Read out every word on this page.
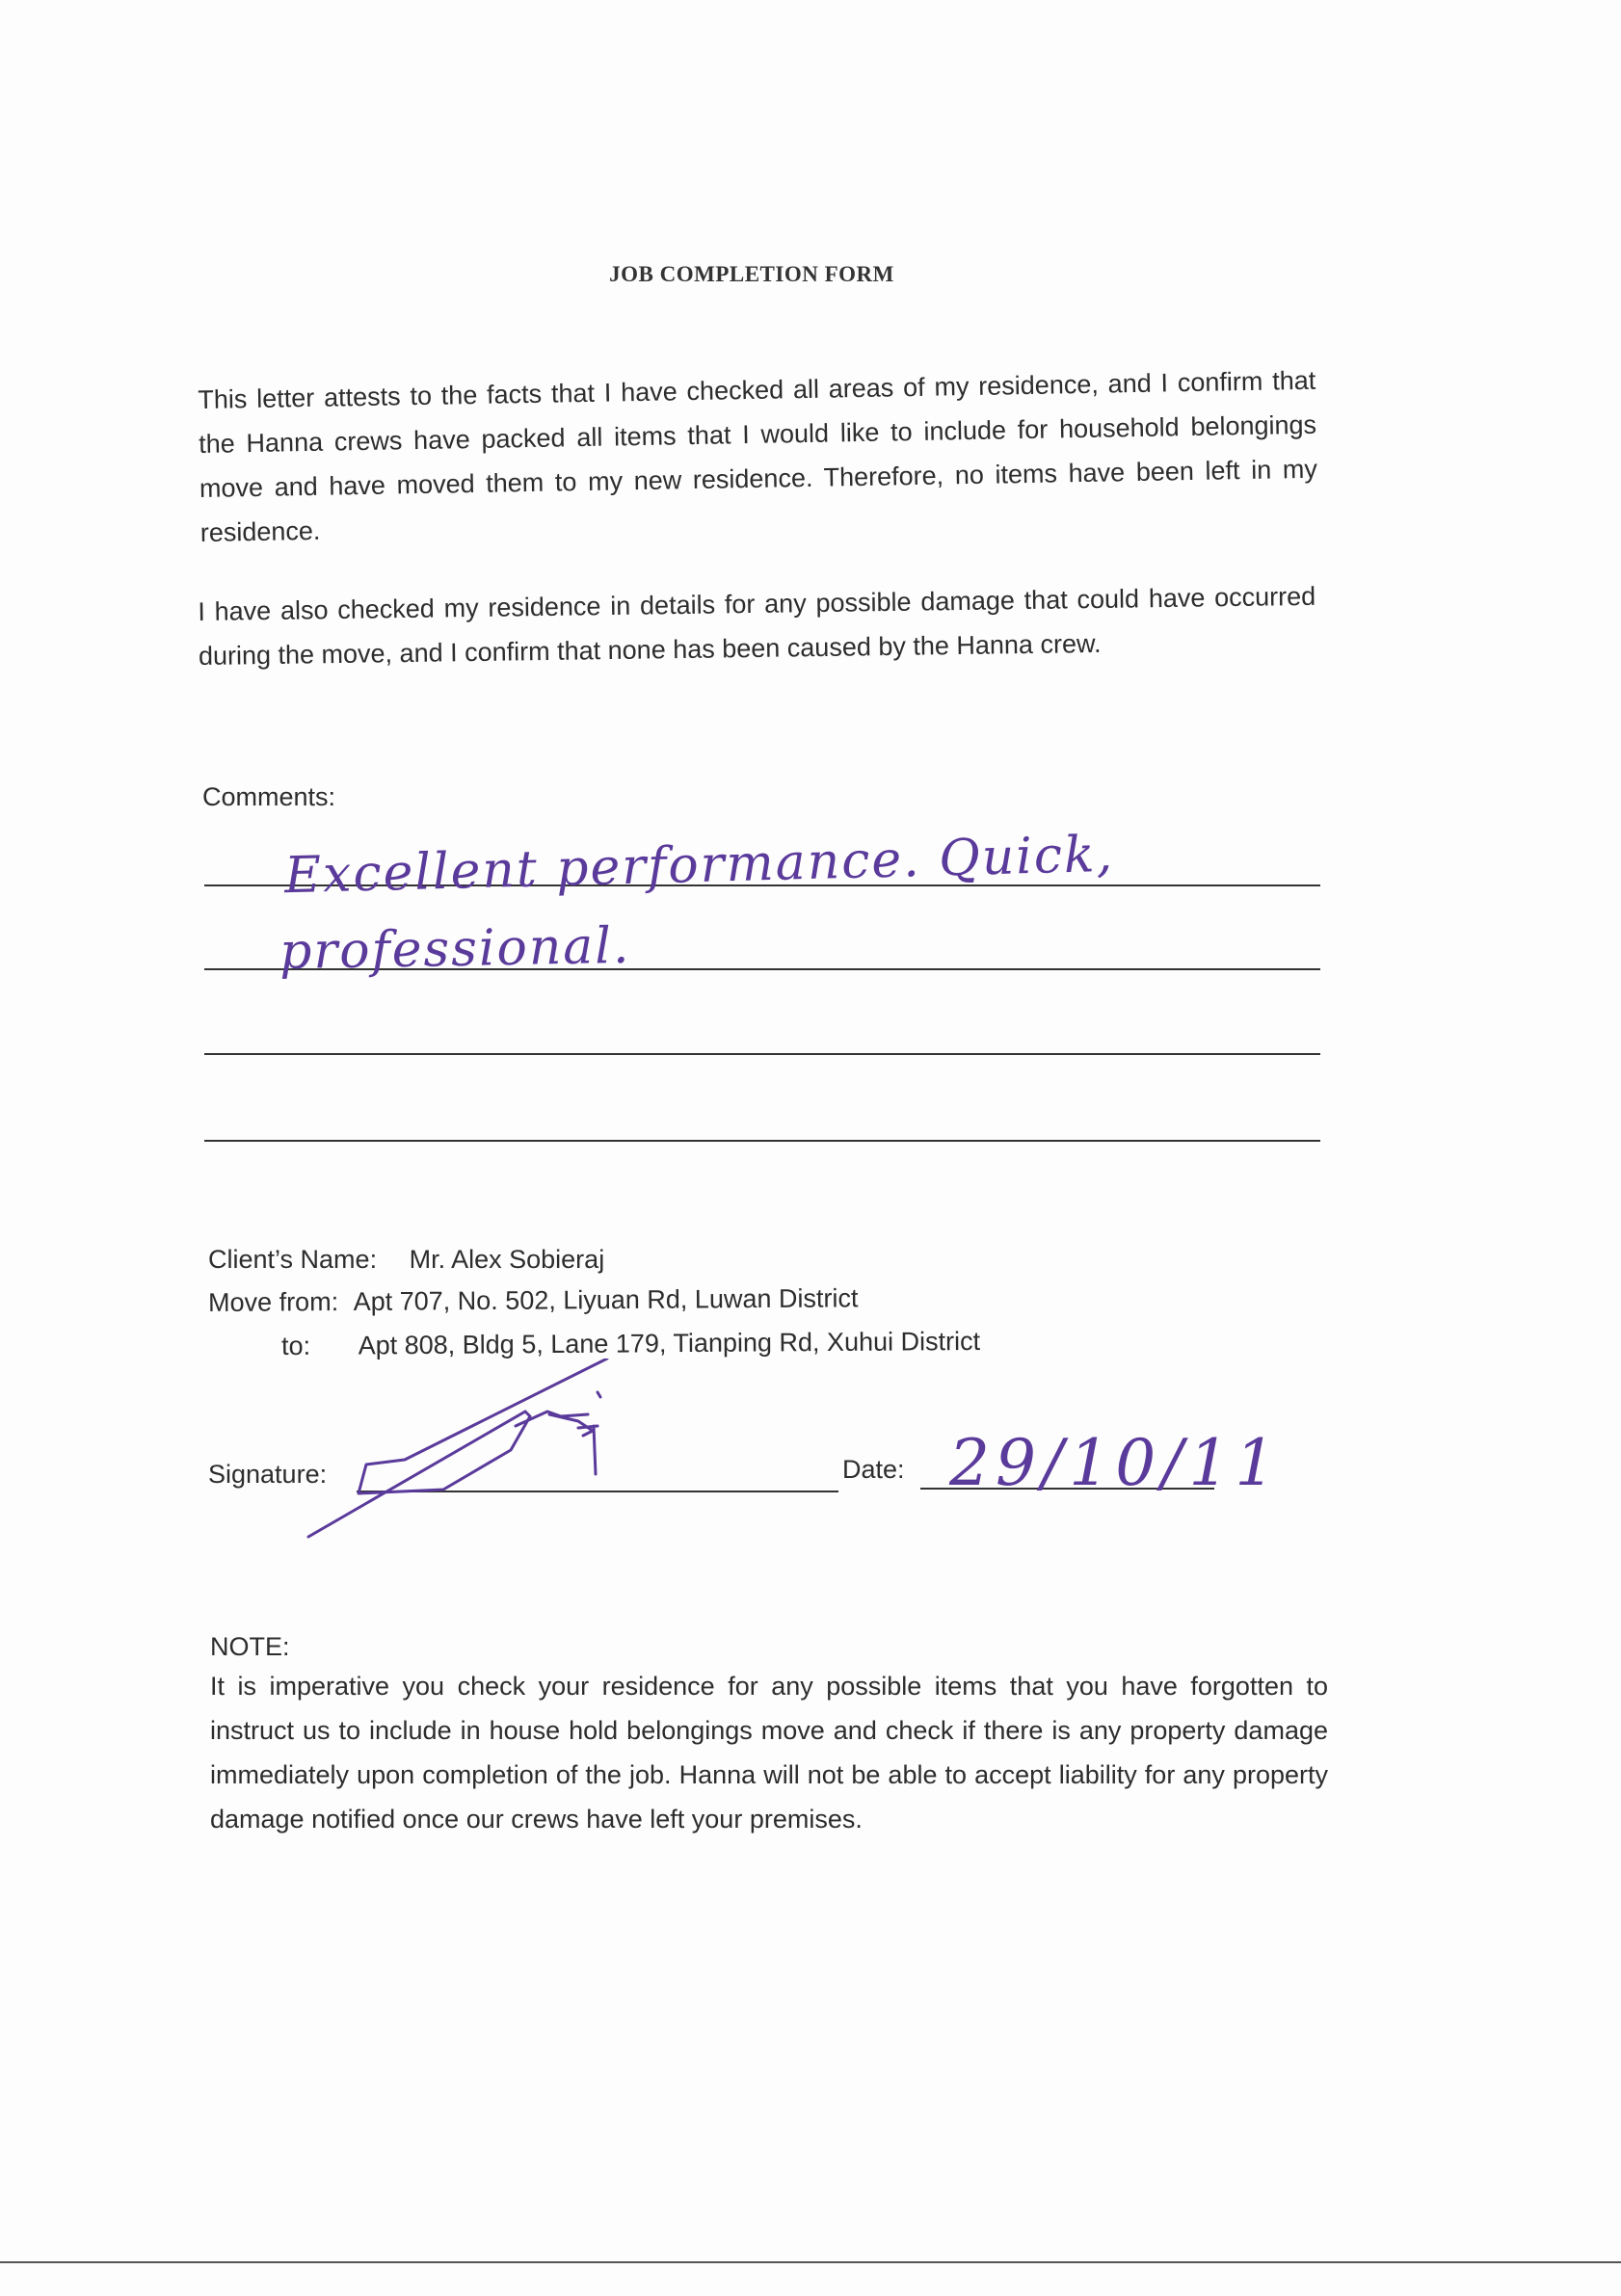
JOB COMPLETION FORM
This letter attests to the facts that I have checked all areas of my residence, and I confirm that the Hanna crews have packed all items that I would like to include for household belongings move and have moved them to my new residence. Therefore, no items have been left in my residence.
I have also checked my residence in details for any possible damage that could have occurred during the move, and I confirm that none has been caused by the Hanna crew.
Comments:
Excellent performance. Quick,
professional.
Client’s Name: Mr. Alex Sobieraj
Move from: Apt 707, No. 502, Liyuan Rd, Luwan District
to: Apt 808, Bldg 5, Lane 179, Tianping Rd, Xuhui District
Signature:	Date: 29/10/11
NOTE:
It is imperative you check your residence for any possible items that you have forgotten to instruct us to include in house hold belongings move and check if there is any property damage immediately upon completion of the job. Hanna will not be able to accept liability for any property damage notified once our crews have left your premises.
